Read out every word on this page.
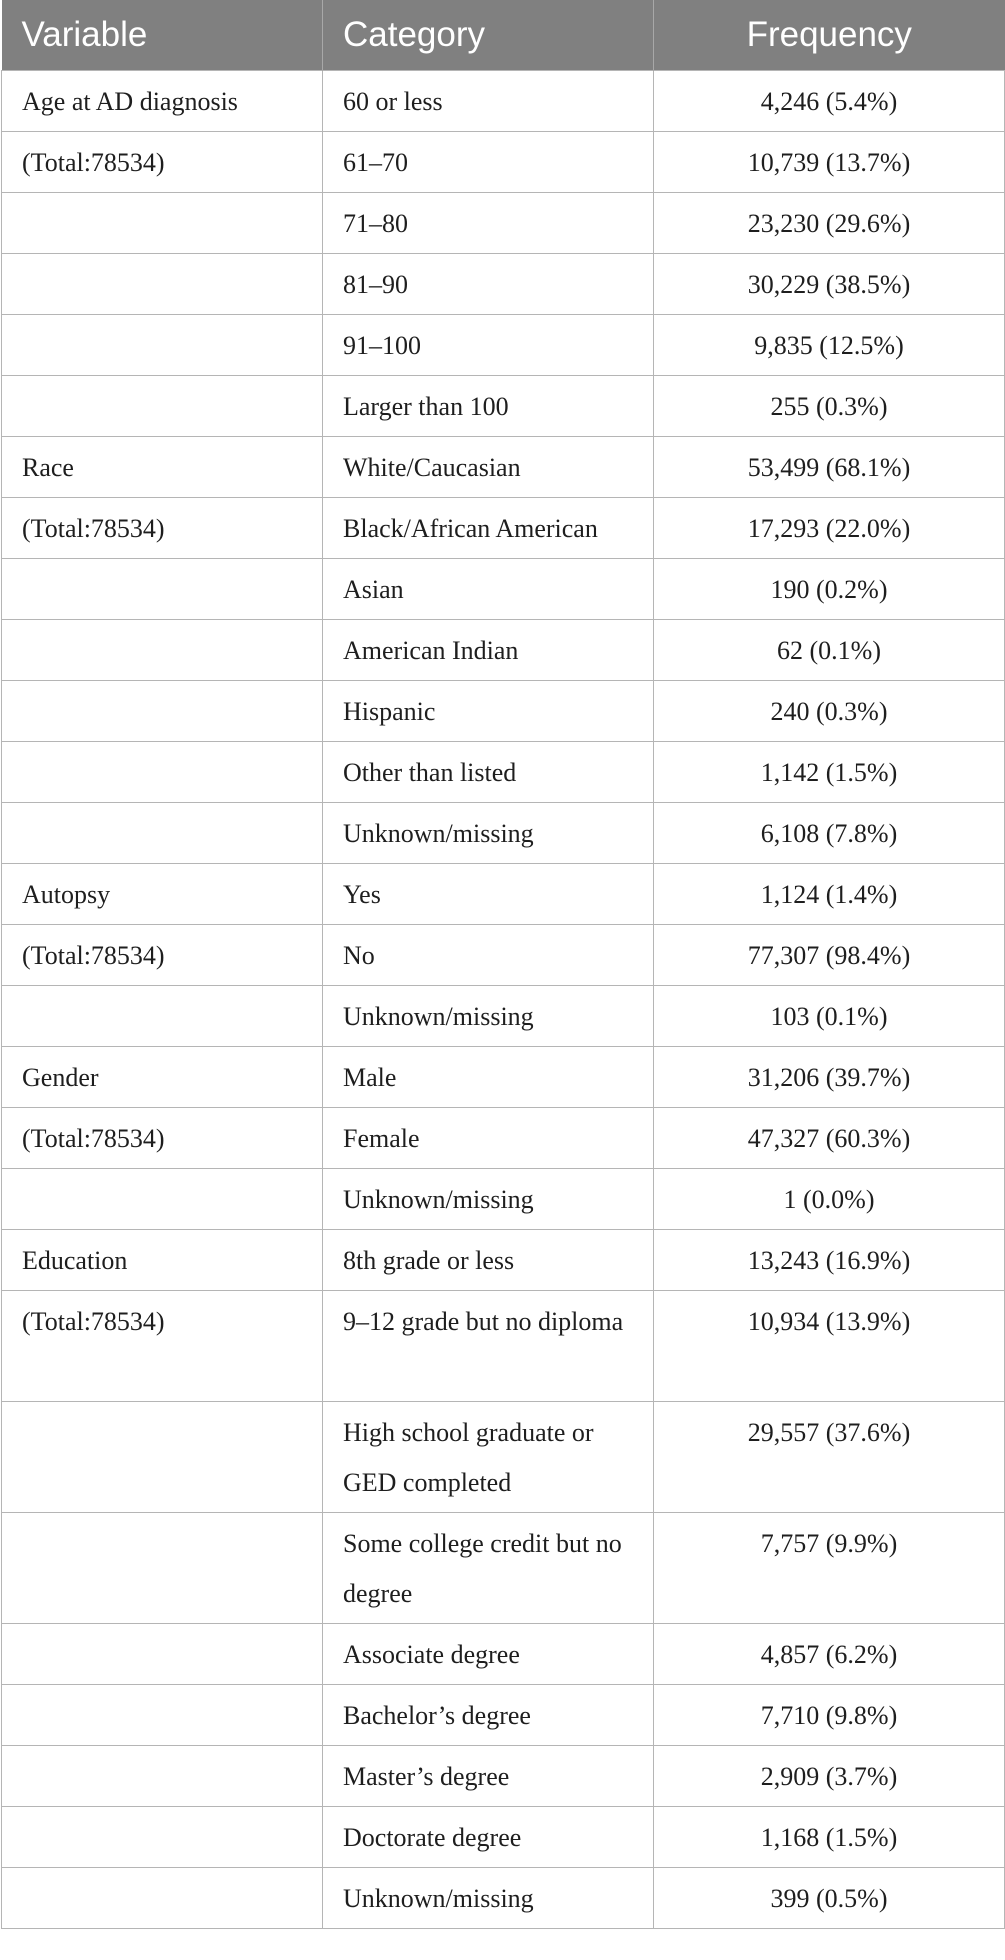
Variable	Category	Frequency
Age at AD diagnosis	60 or less	4,246 (5.4%)
(Total:78534)	61–70	10,739 (13.7%)
	71–80	23,230 (29.6%)
	81–90	30,229 (38.5%)
	91–100	9,835 (12.5%)
	Larger than 100	255 (0.3%)
Race	White/Caucasian	53,499 (68.1%)
(Total:78534)	Black/African American	17,293 (22.0%)
	Asian	190 (0.2%)
	American Indian	62 (0.1%)
	Hispanic	240 (0.3%)
	Other than listed	1,142 (1.5%)
	Unknown/missing	6,108 (7.8%)
Autopsy	Yes	1,124 (1.4%)
(Total:78534)	No	77,307 (98.4%)
	Unknown/missing	103 (0.1%)
Gender	Male	31,206 (39.7%)
(Total:78534)	Female	47,327 (60.3%)
	Unknown/missing	1 (0.0%)
Education	8th grade or less	13,243 (16.9%)
(Total:78534)	9–12 grade but no diploma	10,934 (13.9%)
	High school graduate or GED completed	29,557 (37.6%)
	Some college credit but no degree	7,757 (9.9%)
	Associate degree	4,857 (6.2%)
	Bachelor’s degree	7,710 (9.8%)
	Master’s degree	2,909 (3.7%)
	Doctorate degree	1,168 (1.5%)
	Unknown/missing	399 (0.5%)
